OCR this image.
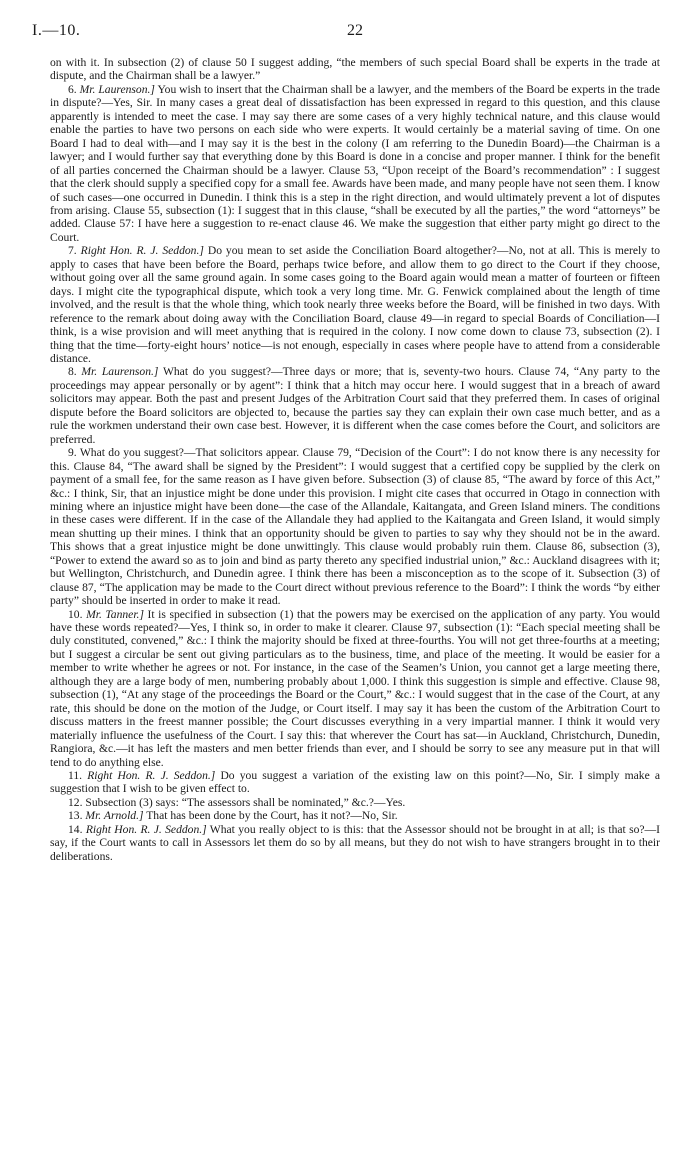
I.—10.	22

on with it. In subsection (2) of clause 50 I suggest adding, “the members of such special Board shall be experts in the trade at dispute, and the Chairman shall be a lawyer.”

6. Mr. Laurenson.] You wish to insert that the Chairman shall be a lawyer, and the members of the Board be experts in the trade in dispute?—Yes, Sir. In many cases a great deal of dissatisfaction has been expressed in regard to this question, and this clause apparently is intended to meet the case. I may say there are some cases of a very highly technical nature, and this clause would enable the parties to have two persons on each side who were experts. It would certainly be a material saving of time. On one Board I had to deal with—and I may say it is the best in the colony (I am referring to the Dunedin Board)—the Chairman is a lawyer; and I would further say that everything done by this Board is done in a concise and proper manner. I think for the benefit of all parties concerned the Chairman should be a lawyer. Clause 53, “Upon receipt of the Board’s recommendation” : I suggest that the clerk should supply a specified copy for a small fee. Awards have been made, and many people have not seen them. I know of such cases—one occurred in Dunedin. I think this is a step in the right direction, and would ultimately prevent a lot of disputes from arising. Clause 55, subsection (1): I suggest that in this clause, “shall be executed by all the parties,” the word “attorneys” be added. Clause 57: I have here a suggestion to re-enact clause 46. We make the suggestion that either party might go direct to the Court.

7. Right Hon. R. J. Seddon.] Do you mean to set aside the Conciliation Board altogether?—No, not at all. This is merely to apply to cases that have been before the Board, perhaps twice before, and allow them to go direct to the Court if they choose, without going over all the same ground again. In some cases going to the Board again would mean a matter of fourteen or fifteen days. I might cite the typographical dispute, which took a very long time. Mr. G. Fenwick complained about the length of time involved, and the result is that the whole thing, which took nearly three weeks before the Board, will be finished in two days. With reference to the remark about doing away with the Conciliation Board, clause 49—in regard to special Boards of Conciliation—I think, is a wise provision and will meet anything that is required in the colony. I now come down to clause 73, subsection (2). I thing that the time—forty-eight hours’ notice—is not enough, especially in cases where people have to attend from a considerable distance.

8. Mr. Laurenson.] What do you suggest?—Three days or more; that is, seventy-two hours. Clause 74, “Any party to the proceedings may appear personally or by agent”: I think that a hitch may occur here. I would suggest that in a breach of award solicitors may appear. Both the past and present Judges of the Arbitration Court said that they preferred them. In cases of original dispute before the Board solicitors are objected to, because the parties say they can explain their own case much better, and as a rule the workmen understand their own case best. However, it is different when the case comes before the Court, and solicitors are preferred.

9. What do you suggest?—That solicitors appear. Clause 79, “Decision of the Court”: I do not know there is any necessity for this. Clause 84, “The award shall be signed by the President”: I would suggest that a certified copy be supplied by the clerk on payment of a small fee, for the same reason as I have given before. Subsection (3) of clause 85, “The award by force of this Act,” &c.: I think, Sir, that an injustice might be done under this provision. I might cite cases that occurred in Otago in connection with mining where an injustice might have been done—the case of the Allandale, Kaitangata, and Green Island miners. The conditions in these cases were different. If in the case of the Allandale they had applied to the Kaitangata and Green Island, it would simply mean shutting up their mines. I think that an opportunity should be given to parties to say why they should not be in the award. This shows that a great injustice might be done unwittingly. This clause would probably ruin them. Clause 86, subsection (3), “Power to extend the award so as to join and bind as party thereto any specified industrial union,” &c.: Auckland disagrees with it; but Wellington, Christchurch, and Dunedin agree. I think there has been a misconception as to the scope of it. Subsection (3) of clause 87, “The application may be made to the Court direct without previous reference to the Board”: I think the words “by either party” should be inserted in order to make it read.

10. Mr. Tanner.] It is specified in subsection (1) that the powers may be exercised on the application of any party. You would have these words repeated?—Yes, I think so, in order to make it clearer. Clause 97, subsection (1): “Each special meeting shall be duly constituted, convened,” &c.: I think the majority should be fixed at three-fourths. You will not get three-fourths at a meeting; but I suggest a circular be sent out giving particulars as to the business, time, and place of the meeting. It would be easier for a member to write whether he agrees or not. For instance, in the case of the Seamen’s Union, you cannot get a large meeting there, although they are a large body of men, numbering probably about 1,000. I think this suggestion is simple and effective. Clause 98, subsection (1), “At any stage of the proceedings the Board or the Court,” &c.: I would suggest that in the case of the Court, at any rate, this should be done on the motion of the Judge, or Court itself. I may say it has been the custom of the Arbitration Court to discuss matters in the freest manner possible; the Court discusses everything in a very impartial manner. I think it would very materially influence the usefulness of the Court. I say this: that wherever the Court has sat—in Auckland, Christchurch, Dunedin, Rangiora, &c.—it has left the masters and men better friends than ever, and I should be sorry to see any measure put in that will tend to do anything else.

11. Right Hon. R. J. Seddon.] Do you suggest a variation of the existing law on this point?—No, Sir. I simply make a suggestion that I wish to be given effect to.

12. Subsection (3) says: “The assessors shall be nominated,” &c.?—Yes.

13. Mr. Arnold.] That has been done by the Court, has it not?—No, Sir.

14. Right Hon. R. J. Seddon.] What you really object to is this: that the Assessor should not be brought in at all; is that so?—I say, if the Court wants to call in Assessors let them do so by all means, but they do not wish to have strangers brought in to their deliberations.
